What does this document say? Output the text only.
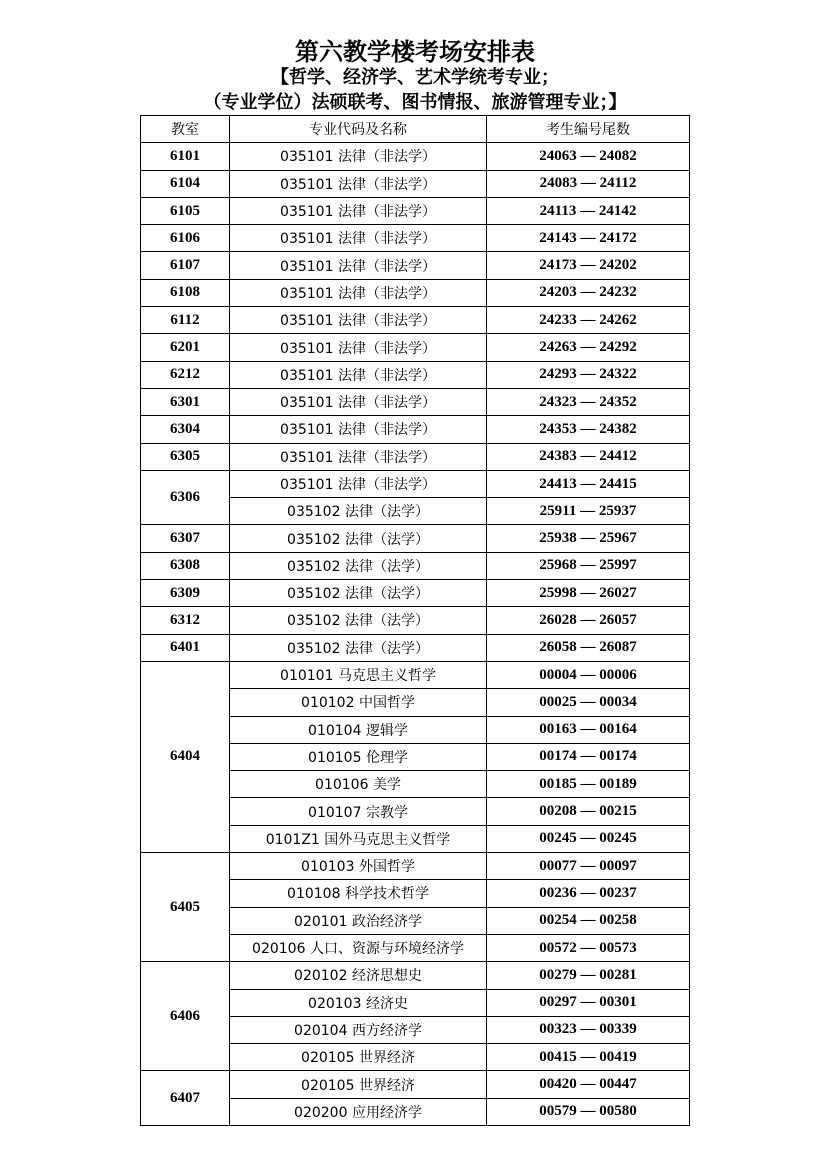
第六教学楼考场安排表
【哲学、经济学、艺术学统考专业；
（专业学位）法硕联考、图书情报、旅游管理专业；】
教室	专业代码及名称	考生编号尾数
6101	035101 法律（非法学）	24063 — 24082
6104	035101 法律（非法学）	24083 — 24112
6105	035101 法律（非法学）	24113 — 24142
6106	035101 法律（非法学）	24143 — 24172
6107	035101 法律（非法学）	24173 — 24202
6108	035101 法律（非法学）	24203 — 24232
6112	035101 法律（非法学）	24233 — 24262
6201	035101 法律（非法学）	24263 — 24292
6212	035101 法律（非法学）	24293 — 24322
6301	035101 法律（非法学）	24323 — 24352
6304	035101 法律（非法学）	24353 — 24382
6305	035101 法律（非法学）	24383 — 24412
6306	035101 法律（非法学）	24413 — 24415
	035102 法律（法学）	25911 — 25937
6307	035102 法律（法学）	25938 — 25967
6308	035102 法律（法学）	25968 — 25997
6309	035102 法律（法学）	25998 — 26027
6312	035102 法律（法学）	26028 — 26057
6401	035102 法律（法学）	26058 — 26087
6404	010101 马克思主义哲学	00004 — 00006
	010102 中国哲学	00025 — 00034
	010104 逻辑学	00163 — 00164
	010105 伦理学	00174 — 00174
	010106 美学	00185 — 00189
	010107 宗教学	00208 — 00215
	0101Z1 国外马克思主义哲学	00245 — 00245
6405	010103 外国哲学	00077 — 00097
	010108 科学技术哲学	00236 — 00237
	020101 政治经济学	00254 — 00258
	020106 人口、资源与环境经济学	00572 — 00573
6406	020102 经济思想史	00279 — 00281
	020103 经济史	00297 — 00301
	020104 西方经济学	00323 — 00339
	020105 世界经济	00415 — 00419
6407	020105 世界经济	00420 — 00447
	020200 应用经济学	00579 — 00580
